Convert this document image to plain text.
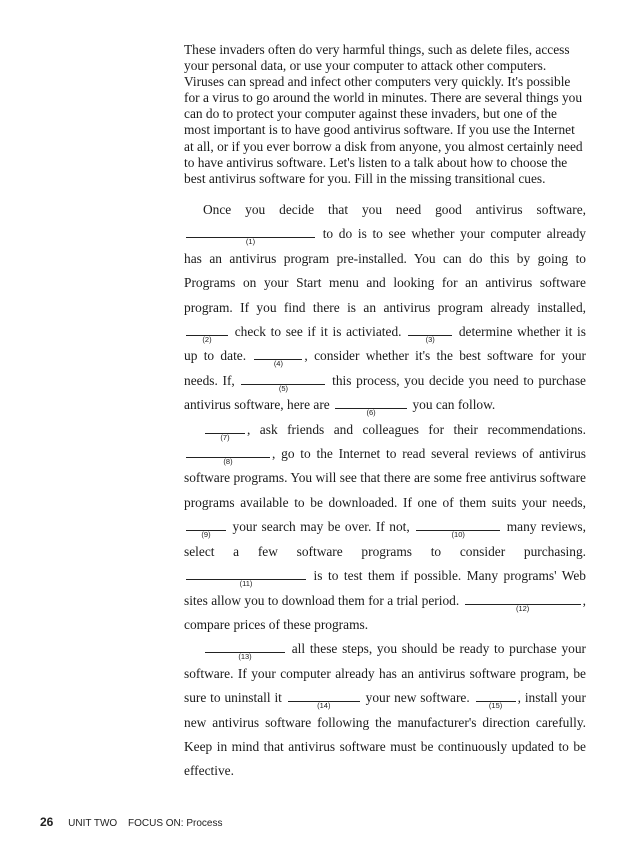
These invaders often do very harmful things, such as delete files, access your personal data, or use your computer to attack other computers. Viruses can spread and infect other computers very quickly. It's possible for a virus to go around the world in minutes. There are several things you can do to protect your computer against these invaders, but one of the most important is to have good antivirus software. If you use the Internet at all, or if you ever borrow a disk from anyone, you almost certainly need to have antivirus software. Let's listen to a talk about how to choose the best antivirus software for you. Fill in the missing transitional cues.

Once you decide that you need good antivirus software,
(1)
to do is to see whether your computer already has an antivirus program pre-installed. You can do this by going to Programs on your Start menu and looking for an antivirus software program. If you find there is an antivirus program already installed,
(2)
check to see if it is activiated.
(3)
determine whether it is up to date.
(4)
, consider whether it's the best software for your needs. If,
(5)
this process, you decide you need to purchase antivirus software, here are
(6)
you can follow.

(7)
, ask friends and colleagues for their recommendations.
(8)
, go to the Internet to read several reviews of antivirus software programs. You will see that there are some free antivirus software programs available to be downloaded. If one of them suits your needs,
(9)
your search may be over. If not,
(10)
many reviews, select a few software programs to consider purchasing.
(11)
is to test them if possible. Many programs' Web sites allow you to download them for a trial period.
(12)
, compare prices of these programs.

(13)
all these steps, you should be ready to purchase your software. If your computer already has an antivirus software program, be sure to uninstall it
(14)
your new software.
(15)
, install your new antivirus software following the manufacturer's direction carefully. Keep in mind that antivirus software must be continuously updated to be effective.

26 UNIT TWO FOCUS ON: Process
